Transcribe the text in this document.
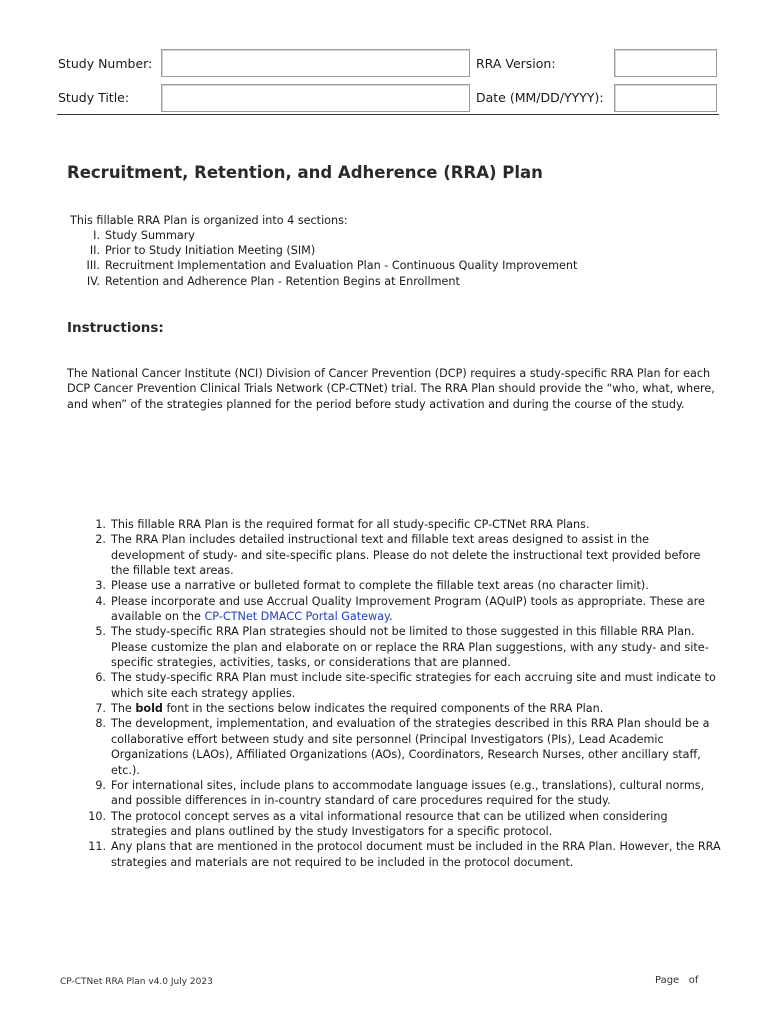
Study Number:	RRA Version:
Study Title:	Date (MM/DD/YYYY):
Recruitment, Retention, and Adherence (RRA) Plan
This fillable RRA Plan is organized into 4 sections:
I. Study Summary
II. Prior to Study Initiation Meeting (SIM)
III. Recruitment Implementation and Evaluation Plan - Continuous Quality Improvement
IV. Retention and Adherence Plan - Retention Begins at Enrollment
Instructions:

The National Cancer Institute (NCI) Division of Cancer Prevention (DCP) requires a study-specific RRA Plan for each DCP Cancer Prevention Clinical Trials Network (CP-CTNet) trial. The RRA Plan should provide the “who, what, where, and when” of the strategies planned for the period before study activation and during the course of the study.

1. This fillable RRA Plan is the required format for all study-specific CP-CTNet RRA Plans.
2. The RRA Plan includes detailed instructional text and fillable text areas designed to assist in the development of study- and site-specific plans. Please do not delete the instructional text provided before the fillable text areas.
3. Please use a narrative or bulleted format to complete the fillable text areas (no character limit).
4. Please incorporate and use Accrual Quality Improvement Program (AQuIP) tools as appropriate. These are available on the CP-CTNet DMACC Portal Gateway.
5. The study-specific RRA Plan strategies should not be limited to those suggested in this fillable RRA Plan. Please customize the plan and elaborate on or replace the RRA Plan suggestions, with any study- and site-specific strategies, activities, tasks, or considerations that are planned.
6. The study-specific RRA Plan must include site-specific strategies for each accruing site and must indicate to which site each strategy applies.
7. The bold font in the sections below indicates the required components of the RRA Plan.
8. The development, implementation, and evaluation of the strategies described in this RRA Plan should be a collaborative effort between study and site personnel (Principal Investigators (PIs), Lead Academic Organizations (LAOs), Affiliated Organizations (AOs), Coordinators, Research Nurses, other ancillary staff, etc.).
9. For international sites, include plans to accommodate language issues (e.g., translations), cultural norms, and possible differences in in-country standard of care procedures required for the study.
10. The protocol concept serves as a vital informational resource that can be utilized when considering strategies and plans outlined by the study Investigators for a specific protocol.
11. Any plans that are mentioned in the protocol document must be included in the RRA Plan. However, the RRA strategies and materials are not required to be included in the protocol document.
CP-CTNet RRA Plan v4.0 July 2023	Page   of
